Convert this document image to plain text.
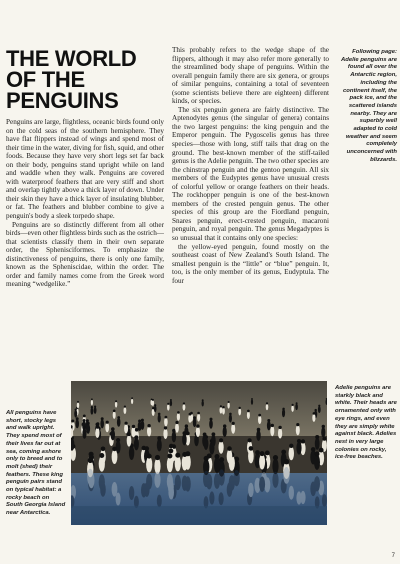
THE WORLD
OF THE
PENGUINS

Penguins are large, flightless, oceanic birds found only on the cold seas of the southern hemisphere. They have flat flippers instead of wings and spend most of their time in the water, diving for fish, squid, and other foods. Because they have very short legs set far back on their body, penguins stand upright while on land and waddle when they walk. Penguins are covered with waterproof feathers that are very stiff and short and overlap tightly above a thick layer of down. Under their skin they have a thick layer of insulating blubber, or fat. The feathers and blubber combine to give a penguin's body a sleek torpedo shape.

Penguins are so distinctly different from all other birds—even other flightless birds such as the ostrich—that scientists classify them in their own separate order, the Sphenisciformes. To emphasize the distinctiveness of penguins, there is only one family, known as the Spheniscidae, within the order. The order and family names come from the Greek word meaning “wedgelike.”

This probably refers to the wedge shape of the flippers, although it may also refer more generally to the streamlined body shape of penguins. Within the overall penguin family there are six genera, or groups of similar penguins, containing a total of seventeen (some scientists believe there are eighteen) different kinds, or species.

The six penguin genera are fairly distinctive. The Aptenodytes genus (the singular of genera) contains the two largest penguins: the king penguin and the Emperor penguin. The Pygoscelis genus has three species—those with long, stiff tails that drag on the ground. The best-known member of the stiff-tailed genus is the Adelie penguin. The two other species are the chinstrap penguin and the gentoo penguin. All six members of the Eudyptes genus have unusual crests of colorful yellow or orange feathers on their heads. The rockhopper penguin is one of the best-known members of the crested penguin genus. The other species of this group are the Fiordland penguin, Snares penguin, erect-crested penguin, macaroni penguin, and royal penguin. The genus Megadyptes is so unusual that it contains only one species:

the yellow-eyed penguin, found mostly on the southeast coast of New Zealand's South Island. The smallest penguin is the “little” or “blue” penguin. It, too, is the only member of its genus, Eudyptula. The four

Following page: Adelie penguins are found all over the Antarctic region, including the continent itself, the pack ice, and the scattered islands nearby. They are superbly well adapted to cold weather and seem completely unconcerned with blizzards.

All penguins have short, stocky legs and walk upright. They spend most of their lives far out at sea, coming ashore only to breed and to molt (shed) their feathers. These king penguin pairs stand on typical habitat: a rocky beach on South Georgia Island near Antarctica.

Adelie penguins are starkly black and white. Their heads are ornamented only with eye rings, and even they are simply white against black. Adelies nest in very large colonies on rocky, ice-free beaches.

7
